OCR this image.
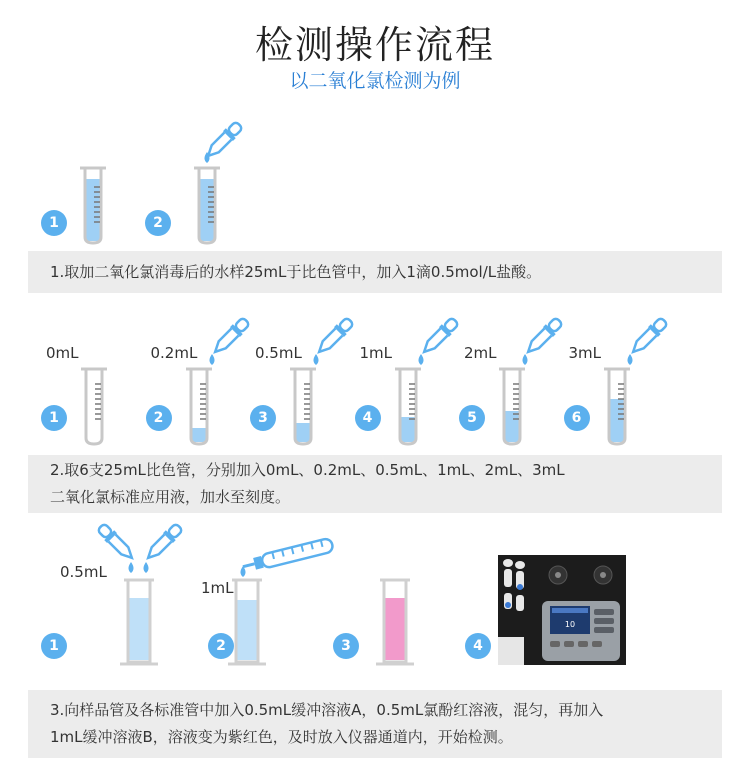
检测操作流程
以二氧化氯检测为例
1	2
1.取加二氧化氯消毒后的水样25mL于比色管中，加入1滴0.5mol/L盐酸。
1
0mL
2
0.2mL
3
0.5mL
4
1mL
5
2mL
6
3mL
2.取6支25mL比色管，分别加入0mL、0.2mL、0.5mL、1mL、2mL、3mL
二氧化氯标准应用液，加水至刻度。
1
0.5mL
2
1mL
3	4
10
3.向样品管及各标准管中加入0.5mL缓冲溶液A，0.5mL氯酚红溶液，混匀，再加入
1mL缓冲溶液B，溶液变为紫红色，及时放入仪器通道内，开始检测。
